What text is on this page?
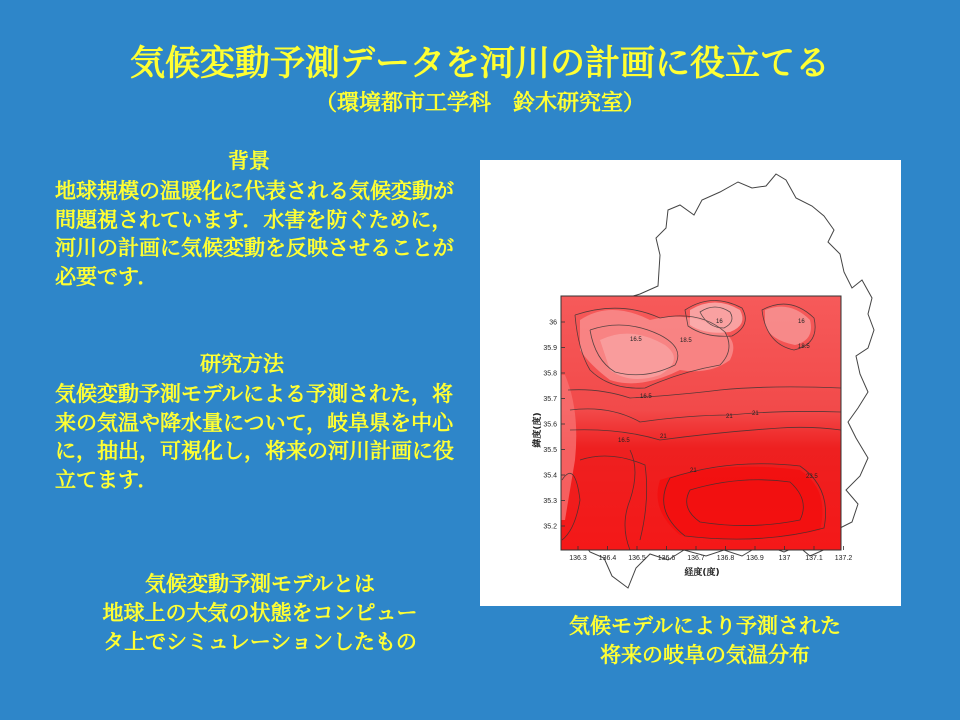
気候変動予測データを河川の計画に役立てる
（環境都市工学科　鈴木研究室）
背景
地球規模の温暖化に代表される気候変動が問題視されています．水害を防ぐために，河川の計画に気候変動を反映させることが必要です．
研究方法
気候変動予測モデルによる予測された，将来の気温や降水量について，岐阜県を中心に，抽出，可視化し，将来の河川計画に役立てます．
気候変動予測モデルとは
地球上の大気の状態をコンピュー
タ上でシミュレーションしたもの
36
35.9
35.8
35.7
35.6
35.5
35.4
35.3
35.2
136.3 136.4 136.5 136.6 136.7 136.8 136.9 137 137.1 137.2
16	16
16.5
16.5
16.5
18.5
18.5
21
21
21
23.5
21
緯度(度)
経度(度)
気候モデルにより予測された
将来の岐阜の気温分布
